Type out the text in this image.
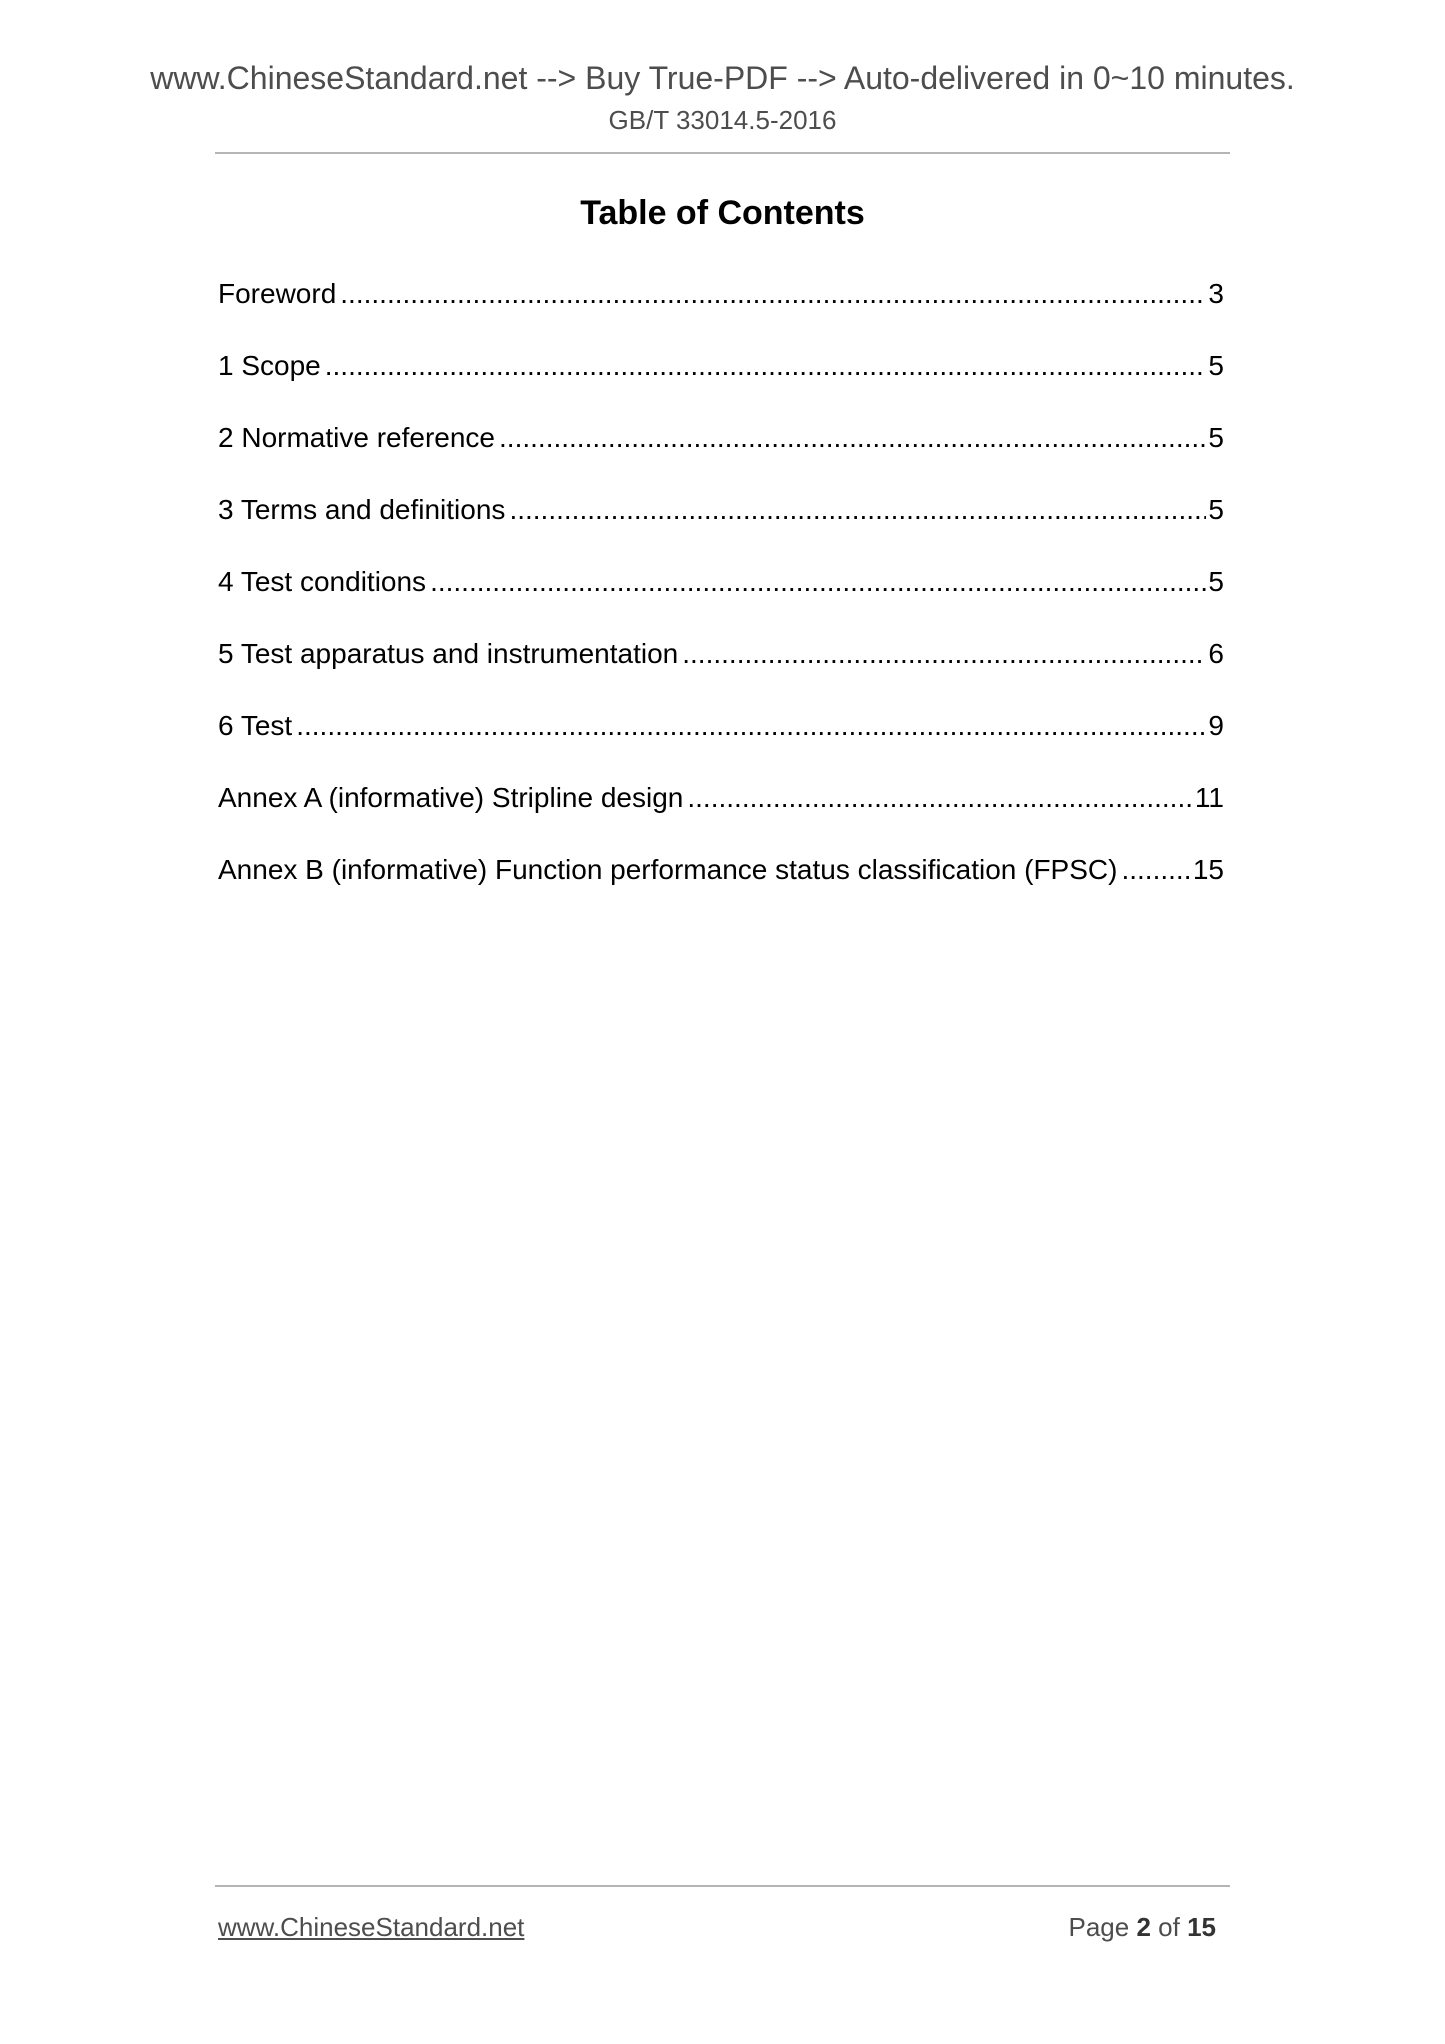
www.ChineseStandard.net --> Buy True-PDF --> Auto-delivered in 0~10 minutes.
GB/T 33014.5-2016
Table of Contents
Foreword .....	3
1 Scope .....	5
2 Normative reference .....	5
3 Terms and definitions .....	5
4 Test conditions .....	5
5 Test apparatus and instrumentation .....	6
6 Test .....	9
Annex A (informative) Stripline design .....	11
Annex B (informative) Function performance status classification (FPSC) .....	15
www.ChineseStandard.net	Page 2 of 15
